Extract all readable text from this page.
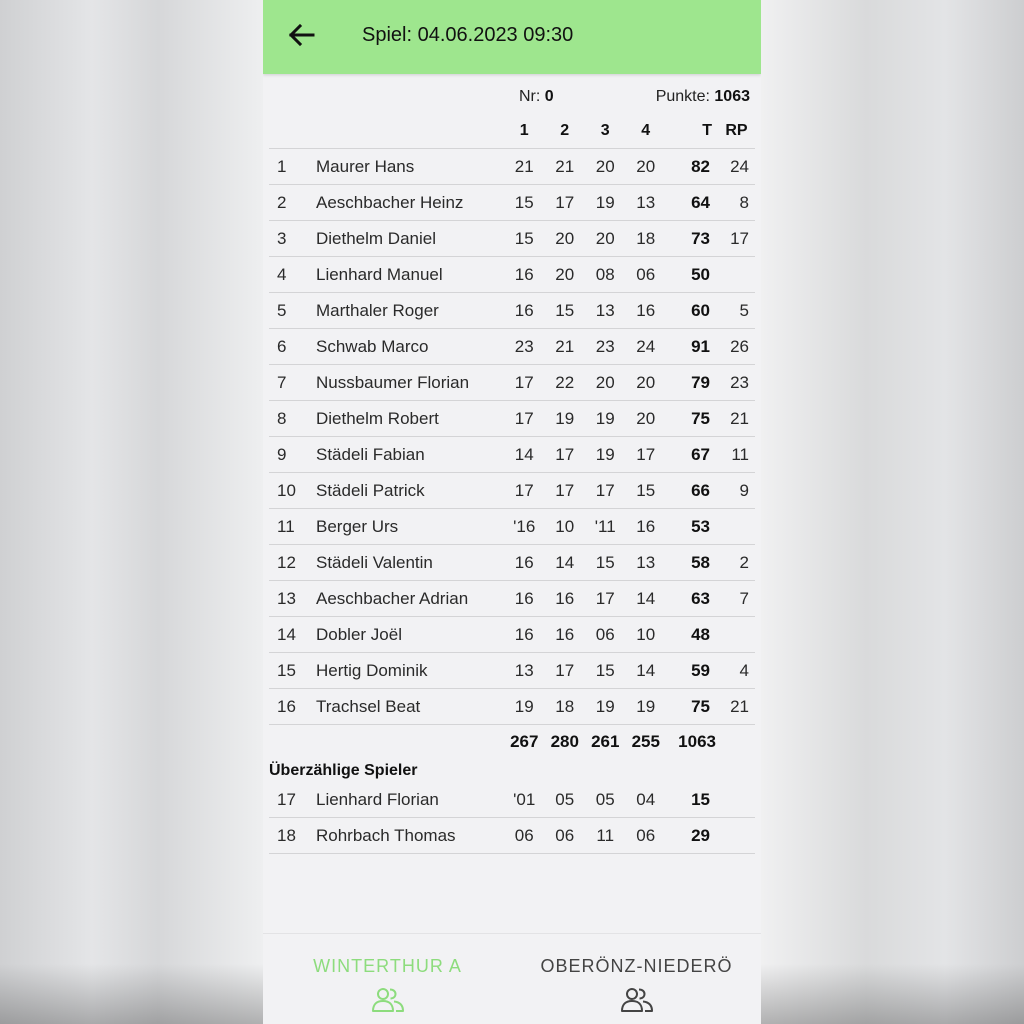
Spiel: 04.06.2023 09:30
Nr: 0	Punkte: 1063
		1	2	3	4	T	RP
1	Maurer Hans	21	21	20	20	82	24
2	Aeschbacher Heinz	15	17	19	13	64	8
3	Diethelm Daniel	15	20	20	18	73	17
4	Lienhard Manuel	16	20	08	06	50	
5	Marthaler Roger	16	15	13	16	60	5
6	Schwab Marco	23	21	23	24	91	26
7	Nussbaumer Florian	17	22	20	20	79	23
8	Diethelm Robert	17	19	19	20	75	21
9	Städeli Fabian	14	17	19	17	67	11
10	Städeli Patrick	17	17	17	15	66	9
11	Berger Urs	'16	10	'11	16	53	
12	Städeli Valentin	16	14	15	13	58	2
13	Aeschbacher Adrian	16	16	17	14	63	7
14	Dobler Joël	16	16	06	10	48	
15	Hertig Dominik	13	17	15	14	59	4
16	Trachsel Beat	19	18	19	19	75	21
		267	280	261	255	1063	
Überzählige Spieler
17	Lienhard Florian	'01	05	05	04	15	
18	Rohrbach Thomas	06	06	11	06	29	
WINTERTHUR A	OBERÖNZ-NIEDERÖ
